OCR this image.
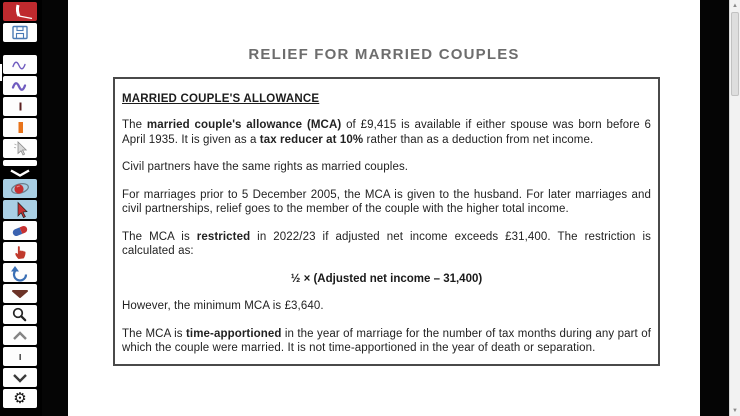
⚙
RELIEF FOR MARRIED COUPLES
MARRIED COUPLE'S ALLOWANCE

The married couple's allowance (MCA) of £9,415 is available if either spouse was born before 6 April 1935. It is given as a tax reducer at 10% rather than as a deduction from net income.

Civil partners have the same rights as married couples.

For marriages prior to 5 December 2005, the MCA is given to the husband. For later marriages and civil partnerships, relief goes to the member of the couple with the higher total income.

The MCA is restricted in 2022/23 if adjusted net income exceeds £31,400. The restriction is calculated as:

½ × (Adjusted net income – 31,400)

However, the minimum MCA is £3,640.

The MCA is time-apportioned in the year of marriage for the number of tax months during any part of which the couple were married. It is not time-apportioned in the year of death or separation.

▲
▼
